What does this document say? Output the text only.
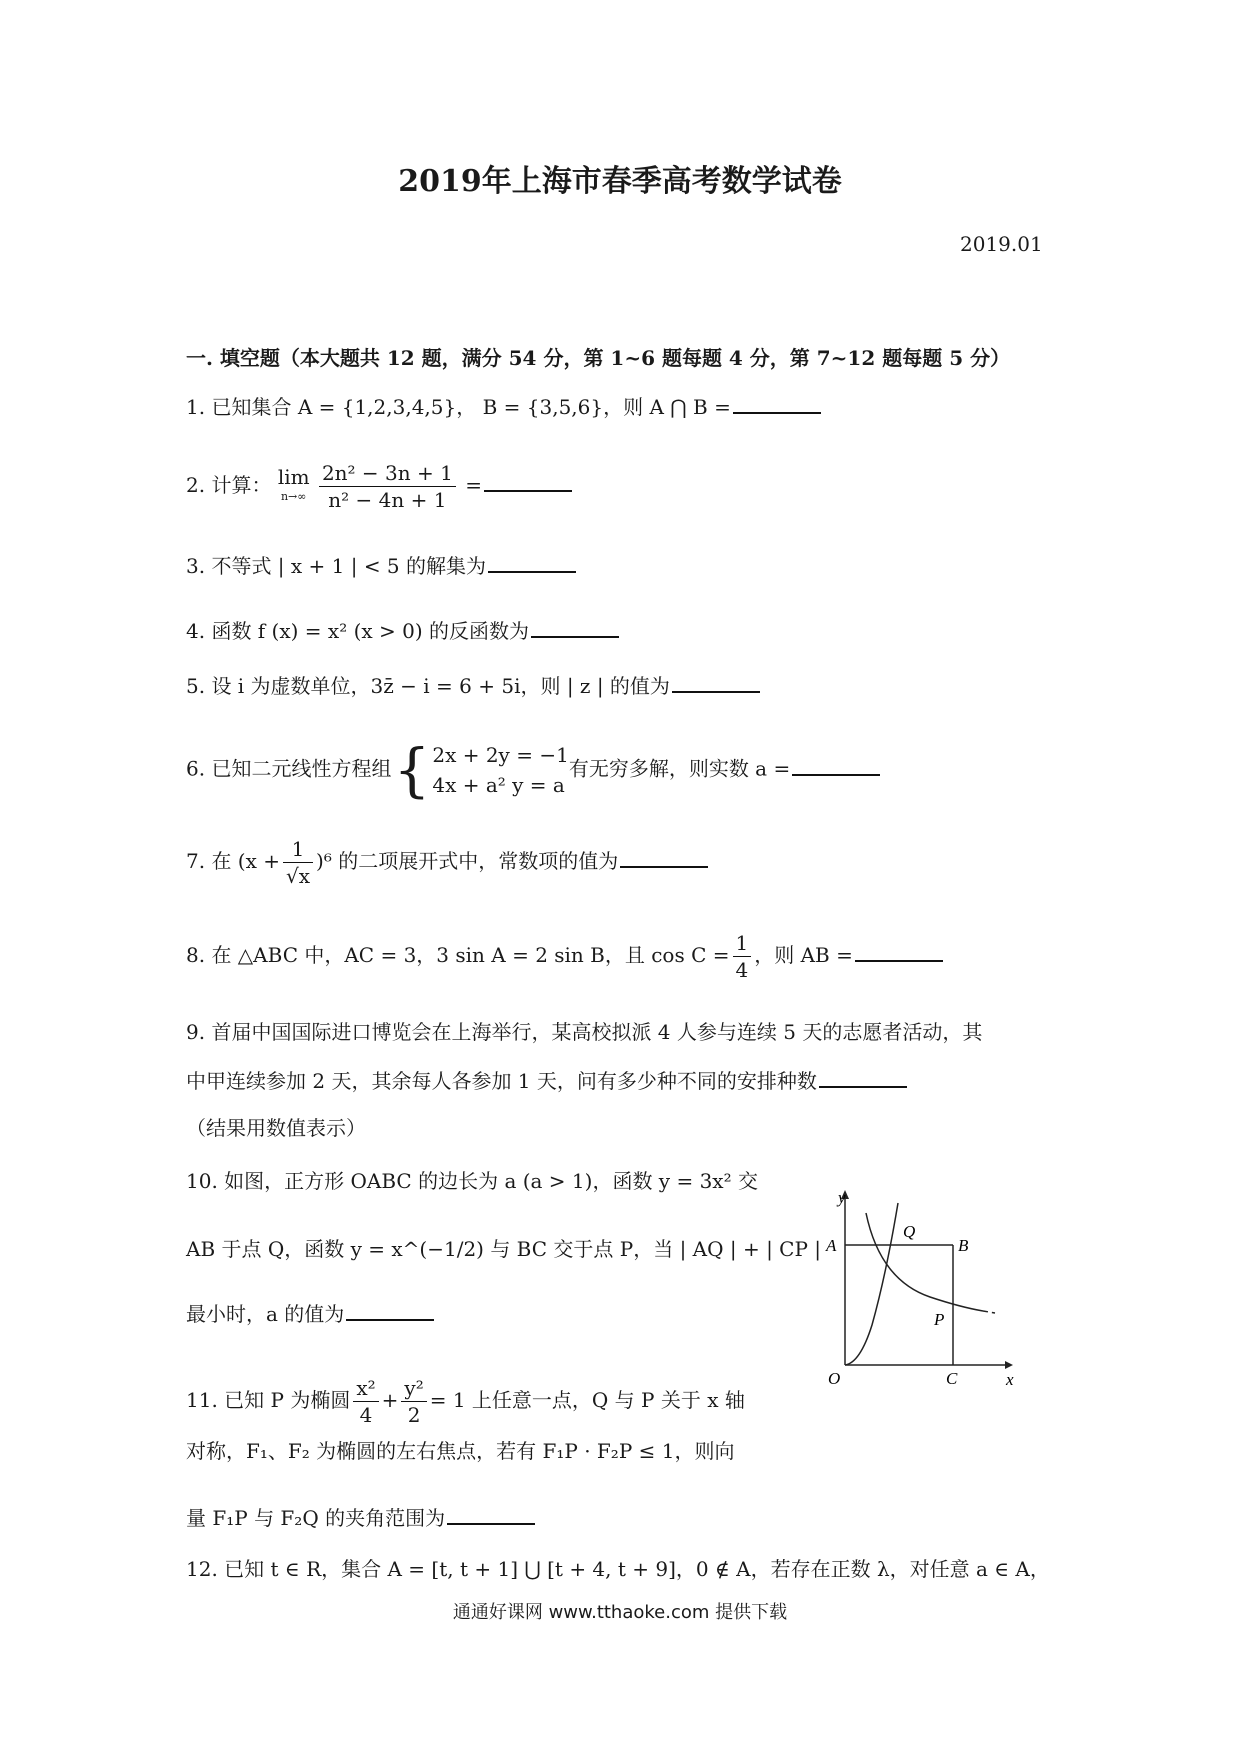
2019年上海市春季高考数学试卷
2019.01
一. 填空题（本大题共 12 题，满分 54 分，第 1~6 题每题 4 分，第 7~12 题每题 5 分）
1. 已知集合 A = {1,2,3,4,5}， B = {3,5,6}，则 A ⋂ B =
2. 计算： lim
n→∞
$\frac{\text{2n² − 3n + 1}}{\text{n² − 4n + 1}}$ =
3. 不等式 | x + 1 | < 5 的解集为
4. 函数 f (x) = x² (x > 0) 的反函数为
5. 设 i 为虚数单位，3z̄ − i = 6 + 5i，则 | z | 的值为
6. 已知二元线性方程组{ 2x + 2y = −1
4x + a² y = a
有无穷多解，则实数 a =
7. 在 $(x + \frac{1}{√x} )^6$ 的二项展开式中，常数项的值为
8. 在 △ABC 中，AC = 3，3 sin A = 2 sin B，且 $\cos C = \frac{1}{4}$ ，则 AB =
9. 首届中国国际进口博览会在上海举行，某高校拟派 4 人参与连续 5 天的志愿者活动，其
中甲连续参加 2 天，其余每人各参加 1 天，问有多少种不同的安排种数
（结果用数值表示）
10. 如图，正方形 OABC 的边长为 a (a > 1)，函数 y = 3x² 交
AB 于点 Q，函数 y = x^(−1/2) 与 BC 交于点 P，当 | AQ | + | CP |
最小时，a 的值为
y
x
A	B
C
O
Q
P
11. 已知 P 为椭圆 $\frac{\text{x²}}{4} + \frac{\text{y²}}{2} = 1$ 上任意一点，Q 与 P 关于 x 轴
对称，F₁、F₂ 为椭圆的左右焦点，若有 F₁P · F₂P ≤ 1，则向
量 F₁P 与 F₂Q 的夹角范围为
12. 已知 t ∈ R，集合 A = [t, t + 1] ⋃ [t + 4, t + 9]，0 ∉ A，若存在正数 λ，对任意 a ∈ A，
通通好课网 www.tthaoke.com 提供下载
